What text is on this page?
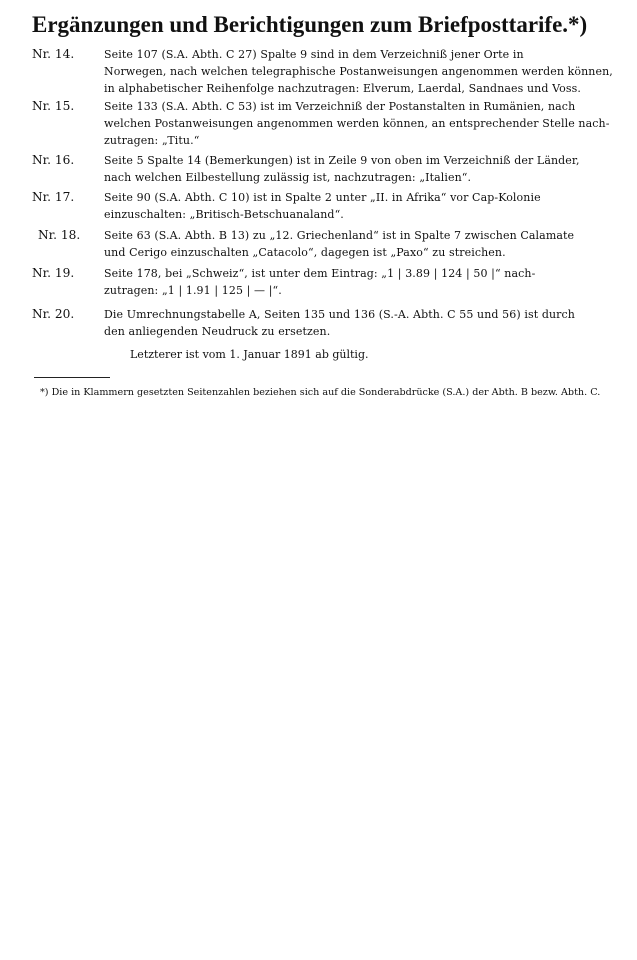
Ergänzungen und Berichtigungen zum Briefposttarife.*)
Nr. 14.	Seite 107 (S.A. Abth. C 27) Spalte 9 sind in dem Verzeichniß jener Orte in
Norwegen, nach welchen telegraphische Postanweisungen angenommen werden können,
in alphabetischer Reihenfolge nachzutragen: Elverum, Laerdal, Sandnaes und Voss.
Nr. 15.	Seite 133 (S.A. Abth. C 53) ist im Verzeichniß der Postanstalten in Rumänien, nach
welchen Postanweisungen angenommen werden können, an entsprechender Stelle nach-
zutragen: „Titu.“
Nr. 16.	Seite 5 Spalte 14 (Bemerkungen) ist in Zeile 9 von oben im Verzeichniß der Länder,
nach welchen Eilbestellung zulässig ist, nachzutragen: „Italien“.
Nr. 17.	Seite 90 (S.A. Abth. C 10) ist in Spalte 2 unter „II. in Afrika“ vor Cap-Kolonie
einzuschalten: „Britisch-Betschuanaland“.
Nr. 18.	Seite 63 (S.A. Abth. B 13) zu „12. Griechenland“ ist in Spalte 7 zwischen Calamate
und Cerigo einzuschalten „Catacolo“, dagegen ist „Paxo“ zu streichen.
Nr. 19.	Seite 178, bei „Schweiz“, ist unter dem Eintrag: „1 | 3.89 | 124 | 50 |“ nach-
zutragen: „1 | 1.91 | 125 | — |“.
Nr. 20.	Die Umrechnungstabelle A, Seiten 135 und 136 (S.-A. Abth. C 55 und 56) ist durch
den anliegenden Neudruck zu ersetzen.
Letzterer ist vom 1. Januar 1891 ab gültig.
*) Die in Klammern gesetzten Seitenzahlen beziehen sich auf die Sonderabdrücke (S.A.) der Abth. B bezw. Abth. C.
